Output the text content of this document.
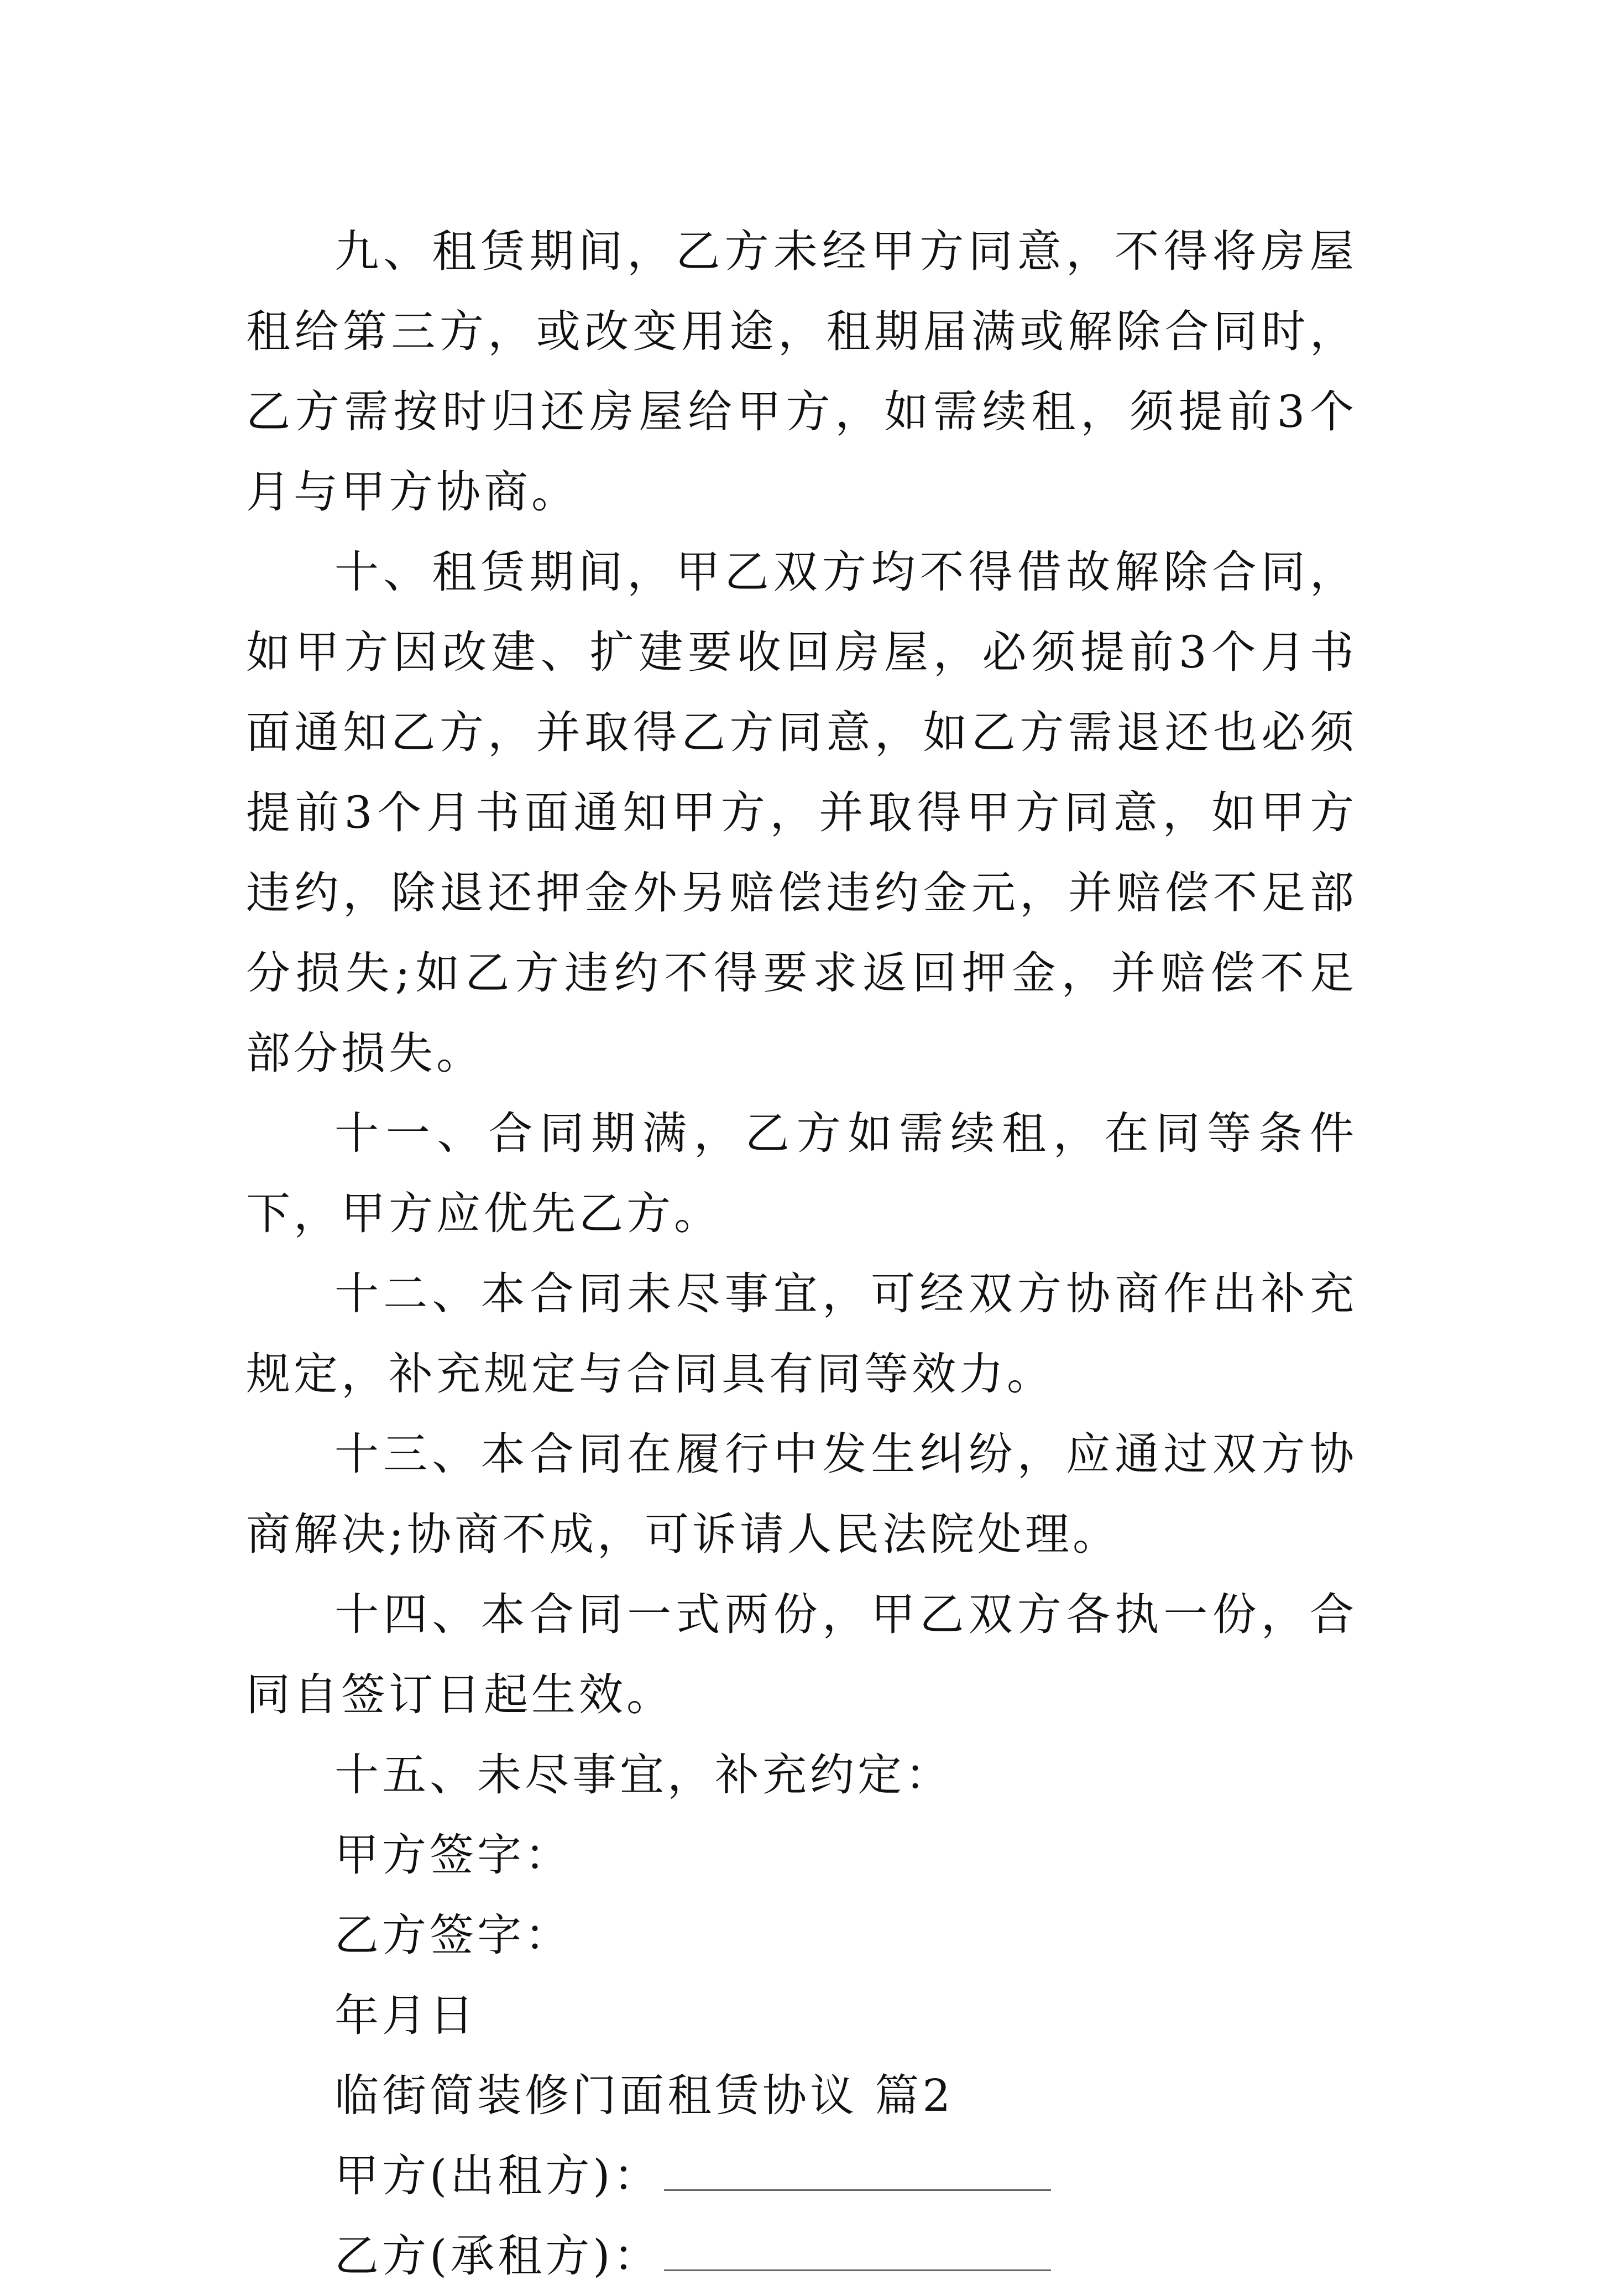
九、租赁期间，乙方未经甲方同意，不得将房屋租给第三方，或改变用途，租期届满或解除合同时，乙方需按时归还房屋给甲方，如需续租，须提前3个月与甲方协商。

十、租赁期间，甲乙双方均不得借故解除合同，如甲方因改建、扩建要收回房屋，必须提前3个月书面通知乙方，并取得乙方同意，如乙方需退还也必须提前3个月书面通知甲方，并取得甲方同意，如甲方违约，除退还押金外另赔偿违约金元，并赔偿不足部分损失;如乙方违约不得要求返回押金，并赔偿不足部分损失。

十一、合同期满，乙方如需续租，在同等条件下，甲方应优先乙方。

十二、本合同未尽事宜，可经双方协商作出补充规定，补充规定与合同具有同等效力。

十三、本合同在履行中发生纠纷，应通过双方协商解决;协商不成，可诉请人民法院处理。

十四、本合同一式两份，甲乙双方各执一份，合同自签订日起生效。

十五、未尽事宜，补充约定：

甲方签字：

乙方签字：

年月日

临街简装修门面租赁协议 篇2

甲方(出租方)：

乙方(承租方)：
